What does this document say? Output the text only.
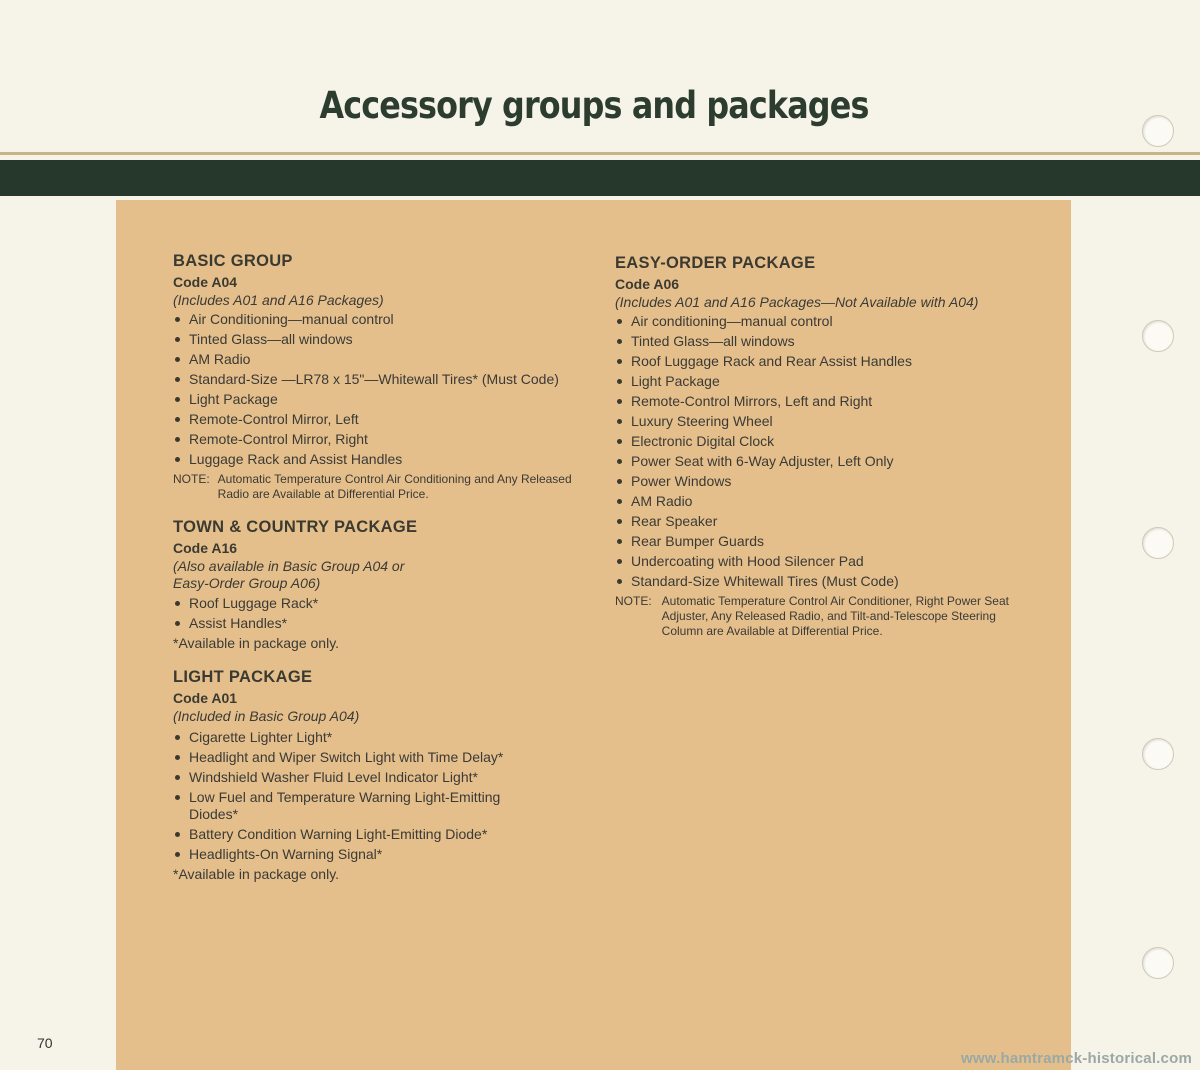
Accessory groups and packages
BASIC GROUP
Code A04
(Includes A01 and A16 Packages)
Air Conditioning—manual control
Tinted Glass—all windows
AM Radio
Standard-Size —LR78 x 15"—Whitewall Tires* (Must Code)
Light Package
Remote-Control Mirror, Left
Remote-Control Mirror, Right
Luggage Rack and Assist Handles
NOTE: Automatic Temperature Control Air Conditioning and Any Released Radio are Available at Differential Price.
TOWN & COUNTRY PACKAGE
Code A16
(Also available in Basic Group A04 or Easy-Order Group A06)
Roof Luggage Rack*
Assist Handles*
*Available in package only.
LIGHT PACKAGE
Code A01
(Included in Basic Group A04)
Cigarette Lighter Light*
Headlight and Wiper Switch Light with Time Delay*
Windshield Washer Fluid Level Indicator Light*
Low Fuel and Temperature Warning Light-Emitting Diodes*
Battery Condition Warning Light-Emitting Diode*
Headlights-On Warning Signal*
*Available in package only.
EASY-ORDER PACKAGE
Code A06
(Includes A01 and A16 Packages—Not Available with A04)
Air conditioning—manual control
Tinted Glass—all windows
Roof Luggage Rack and Rear Assist Handles
Light Package
Remote-Control Mirrors, Left and Right
Luxury Steering Wheel
Electronic Digital Clock
Power Seat with 6-Way Adjuster, Left Only
Power Windows
AM Radio
Rear Speaker
Rear Bumper Guards
Undercoating with Hood Silencer Pad
Standard-Size Whitewall Tires (Must Code)
NOTE: Automatic Temperature Control Air Conditioner, Right Power Seat Adjuster, Any Released Radio, and Tilt-and-Telescope Steering Column are Available at Differential Price.
70
www.hamtramck-historical.com
